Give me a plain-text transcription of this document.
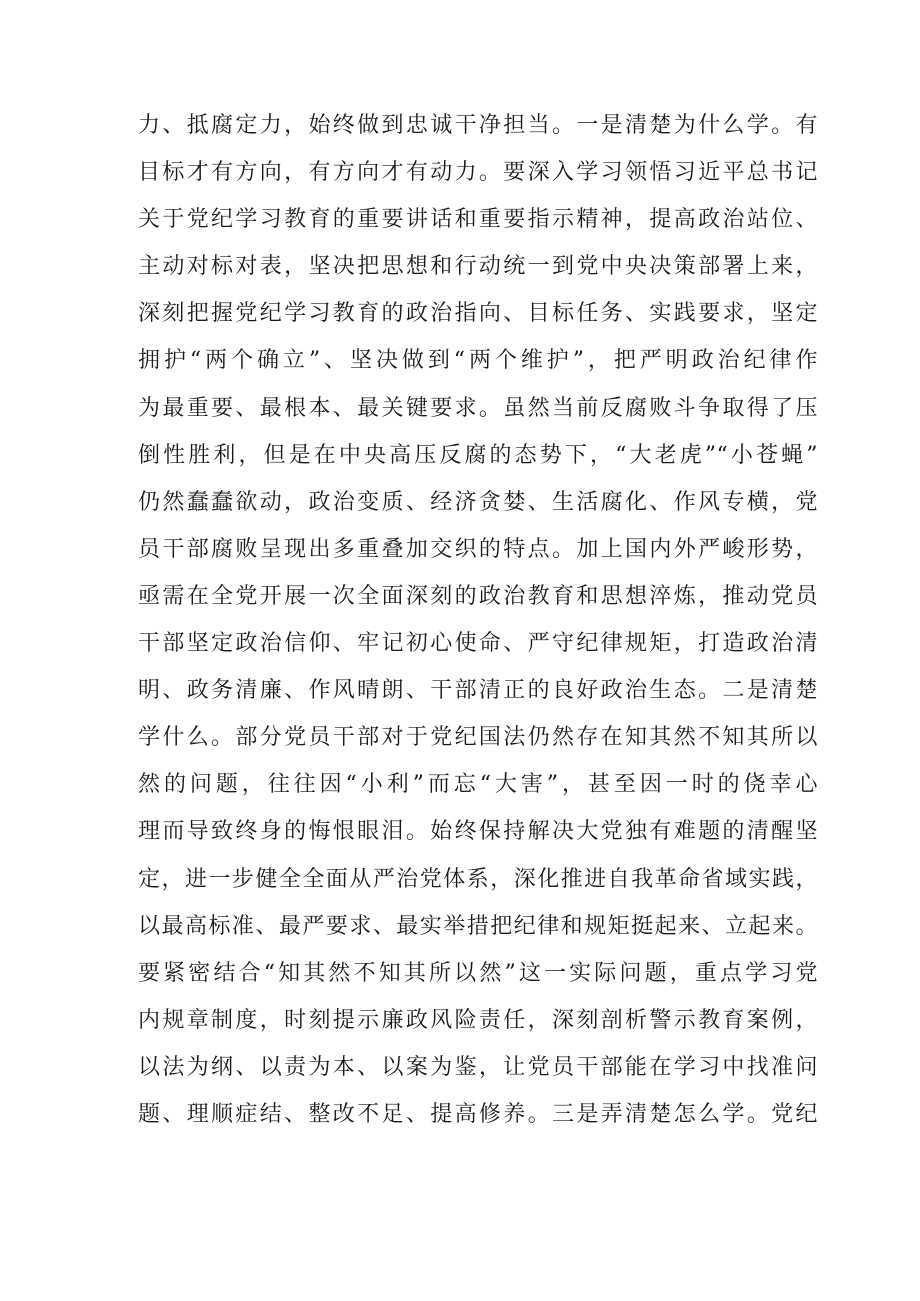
力、抵腐定力，始终做到忠诚干净担当。一是清楚为什么学。有
目标才有方向，有方向才有动力。要深入学习领悟习近平总书记
关于党纪学习教育的重要讲话和重要指示精神，提高政治站位、
主动对标对表，坚决把思想和行动统一到党中央决策部署上来，
深刻把握党纪学习教育的政治指向、目标任务、实践要求，坚定
拥护“两个确立”、坚决做到“两个维护”，把严明政治纪律作
为最重要、最根本、最关键要求。虽然当前反腐败斗争取得了压
倒性胜利，但是在中央高压反腐的态势下，“大老虎”“小苍蝇”
仍然蠢蠢欲动，政治变质、经济贪婪、生活腐化、作风专横，党
员干部腐败呈现出多重叠加交织的特点。加上国内外严峻形势，
亟需在全党开展一次全面深刻的政治教育和思想淬炼，推动党员
干部坚定政治信仰、牢记初心使命、严守纪律规矩，打造政治清
明、政务清廉、作风晴朗、干部清正的良好政治生态。二是清楚
学什么。部分党员干部对于党纪国法仍然存在知其然不知其所以
然的问题，往往因“小利”而忘“大害”，甚至因一时的侥幸心
理而导致终身的悔恨眼泪。始终保持解决大党独有难题的清醒坚
定，进一步健全全面从严治党体系，深化推进自我革命省域实践，
以最高标准、最严要求、最实举措把纪律和规矩挺起来、立起来。
要紧密结合“知其然不知其所以然”这一实际问题，重点学习党
内规章制度，时刻提示廉政风险责任，深刻剖析警示教育案例，
以法为纲、以责为本、以案为鉴，让党员干部能在学习中找准问
题、理顺症结、整改不足、提高修养。三是弄清楚怎么学。党纪
